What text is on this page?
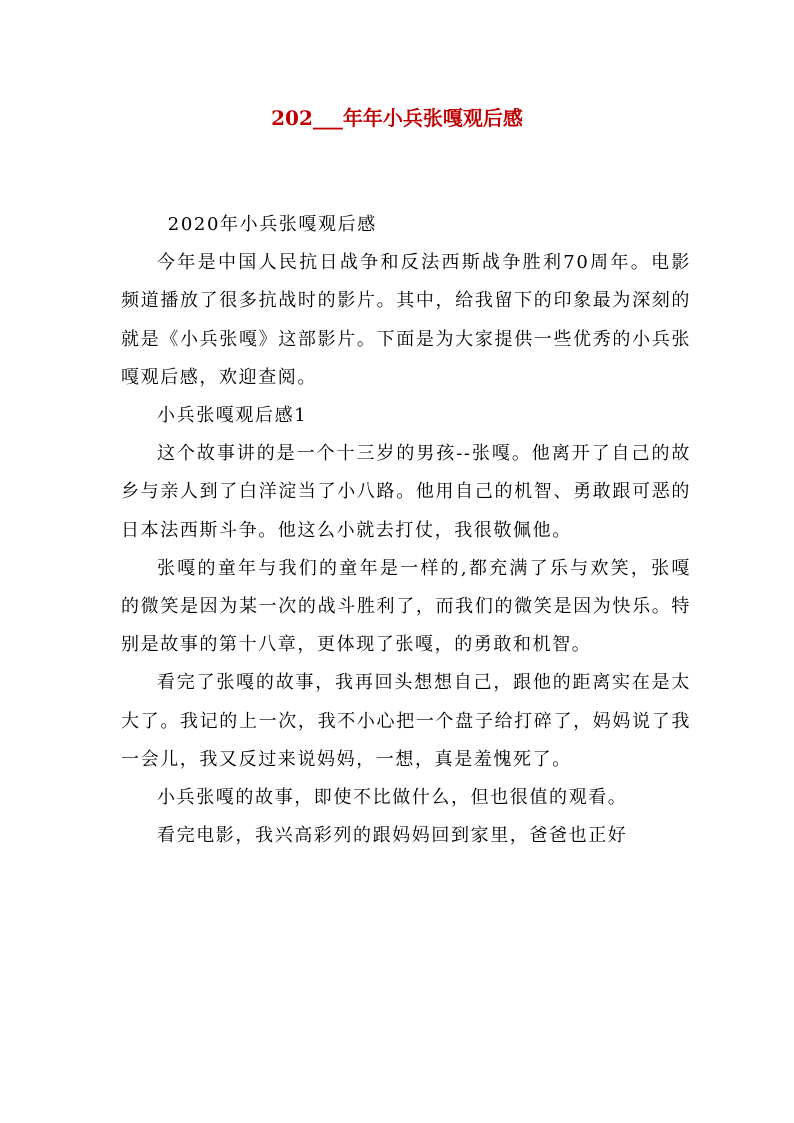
202___年年小兵张嘎观后感

2020年小兵张嘎观后感

今年是中国人民抗日战争和反法西斯战争胜利70周年。电影频道播放了很多抗战时的影片。其中，给我留下的印象最为深刻的就是《小兵张嘎》这部影片。下面是为大家提供一些优秀的小兵张嘎观后感，欢迎查阅。

小兵张嘎观后感1

这个故事讲的是一个十三岁的男孩--张嘎。他离开了自己的故乡与亲人到了白洋淀当了小八路。他用自己的机智、勇敢跟可恶的日本法西斯斗争。他这么小就去打仗，我很敬佩他。

张嘎的童年与我们的童年是一样的,都充满了乐与欢笑，张嘎的微笑是因为某一次的战斗胜利了，而我们的微笑是因为快乐。特别是故事的第十八章，更体现了张嘎，的勇敢和机智。

看完了张嘎的故事，我再回头想想自己，跟他的距离实在是太大了。我记的上一次，我不小心把一个盘子给打碎了，妈妈说了我一会儿，我又反过来说妈妈，一想，真是羞愧死了。

小兵张嘎的故事，即使不比做什么，但也很值的观看。

看完电影，我兴高彩列的跟妈妈回到家里，爸爸也正好
